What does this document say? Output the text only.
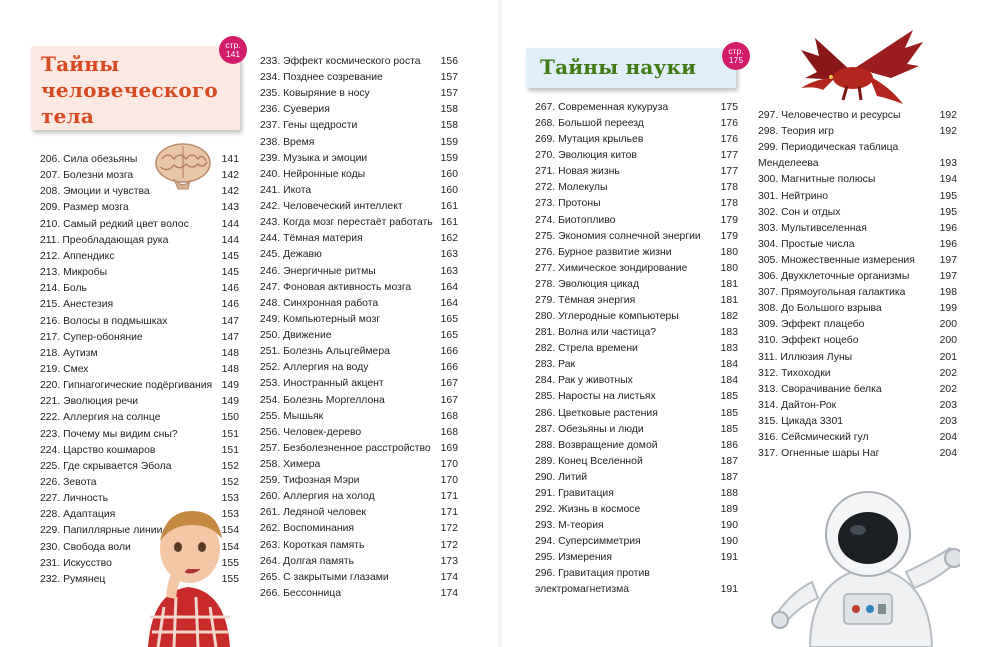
Тайны
человеческого
тела
стр.
141
206. Сила обезьяны	141
207. Болезни мозга	142
208. Эмоции и чувства	142
209. Размер мозга	143
210. Самый редкий цвет волос	144
211. Преобладающая рука	144
212. Аппендикс	145
213. Микробы	145
214. Боль	146
215. Анестезия	146
216. Волосы в подмышках	147
217. Супер-обоняние	147
218. Аутизм	148
219. Смех	148
220. Гипнагогические подёргивания 149
221. Эволюция речи	149
222. Аллергия на солнце	150
223. Почему мы видим сны?	151
224. Царство кошмаров	151
225. Где скрывается Эбола	152
226. Зевота	152
227. Личность	153
228. Адаптация	153
229. Папиллярные линии	154
230. Свобода воли	154
231. Искусство	155
232. Румянец	155
233. Эффект космического роста 156
234. Позднее созревание	157
235. Ковыряние в носу	157
236. Суеверия	158
237. Гены щедрости	158
238. Время	159
239. Музыка и эмоции	159
240. Нейронные коды	160
241. Икота	160
242. Человеческий интеллект	161
243. Когда мозг перестаёт работать 161
244. Тёмная материя	162
245. Дежавю	163
246. Энергичные ритмы	163
247. Фоновая активность мозга	164
248. Синхронная работа	164
249. Компьютерный мозг	165
250. Движение	165
251. Болезнь Альцгеймера	166
252. Аллергия на воду	166
253. Иностранный акцент	167
254. Болезнь Моргеллона	167
255. Мышьяк	168
256. Человек-дерево	168
257. Безболезненное расстройство 169
258. Химера	170
259. Тифозная Мэри	170
260. Аллергия на холод	171
261. Ледяной человек	171
262. Воспоминания	172
263. Короткая память	172
264. Долгая память	173
265. С закрытыми глазами	174
266. Бессонница	174
Тайны науки
стр.
175
267. Современная кукуруза	175
268. Большой переезд	176
269. Мутация крыльев	176
270. Эволюция китов	177
271. Новая жизнь	177
272. Молекулы	178
273. Протоны	178
274. Биотопливо	179
275. Экономия солнечной энергии 179
276. Бурное развитие жизни	180
277. Химическое зондирование	180
278. Эволюция цикад	181
279. Тёмная энергия	181
280. Углеродные компьютеры	182
281. Волна или частица?	183
282. Стрела времени	183
283. Рак	184
284. Рак у животных	184
285. Наросты на листьях	185
286. Цветковые растения	185
287. Обезьяны и люди	185
288. Возвращение домой	186
289. Конец Вселенной	187
290. Литий	187
291. Гравитация	188
292. Жизнь в космосе	189
293. М-теория	190
294. Суперсимметрия	190
295. Измерения	191
296. Гравитация против
электромагнетизма	191
297. Человечество и ресурсы	192
298. Теория игр	192
299. Периодическая таблица
Менделеева	193
300. Магнитные полюсы	194
301. Нейтрино	195
302. Сон и отдых	195
303. Мультивселенная	196
304. Простые числа	196
305. Множественные измерения 197
306. Двухклеточные организмы	197
307. Прямоугольная галактика	198
308. До Большого взрыва	199
309. Эффект плацебо	200
310. Эффект ноцебо	200
311. Иллюзия Луны	201
312. Тихоходки	202
313. Сворачивание белка	202
314. Дайтон-Рок	203
315. Цикада 3301	203
316. Сейсмический гул	204
317. Огненные шары Наг	204
